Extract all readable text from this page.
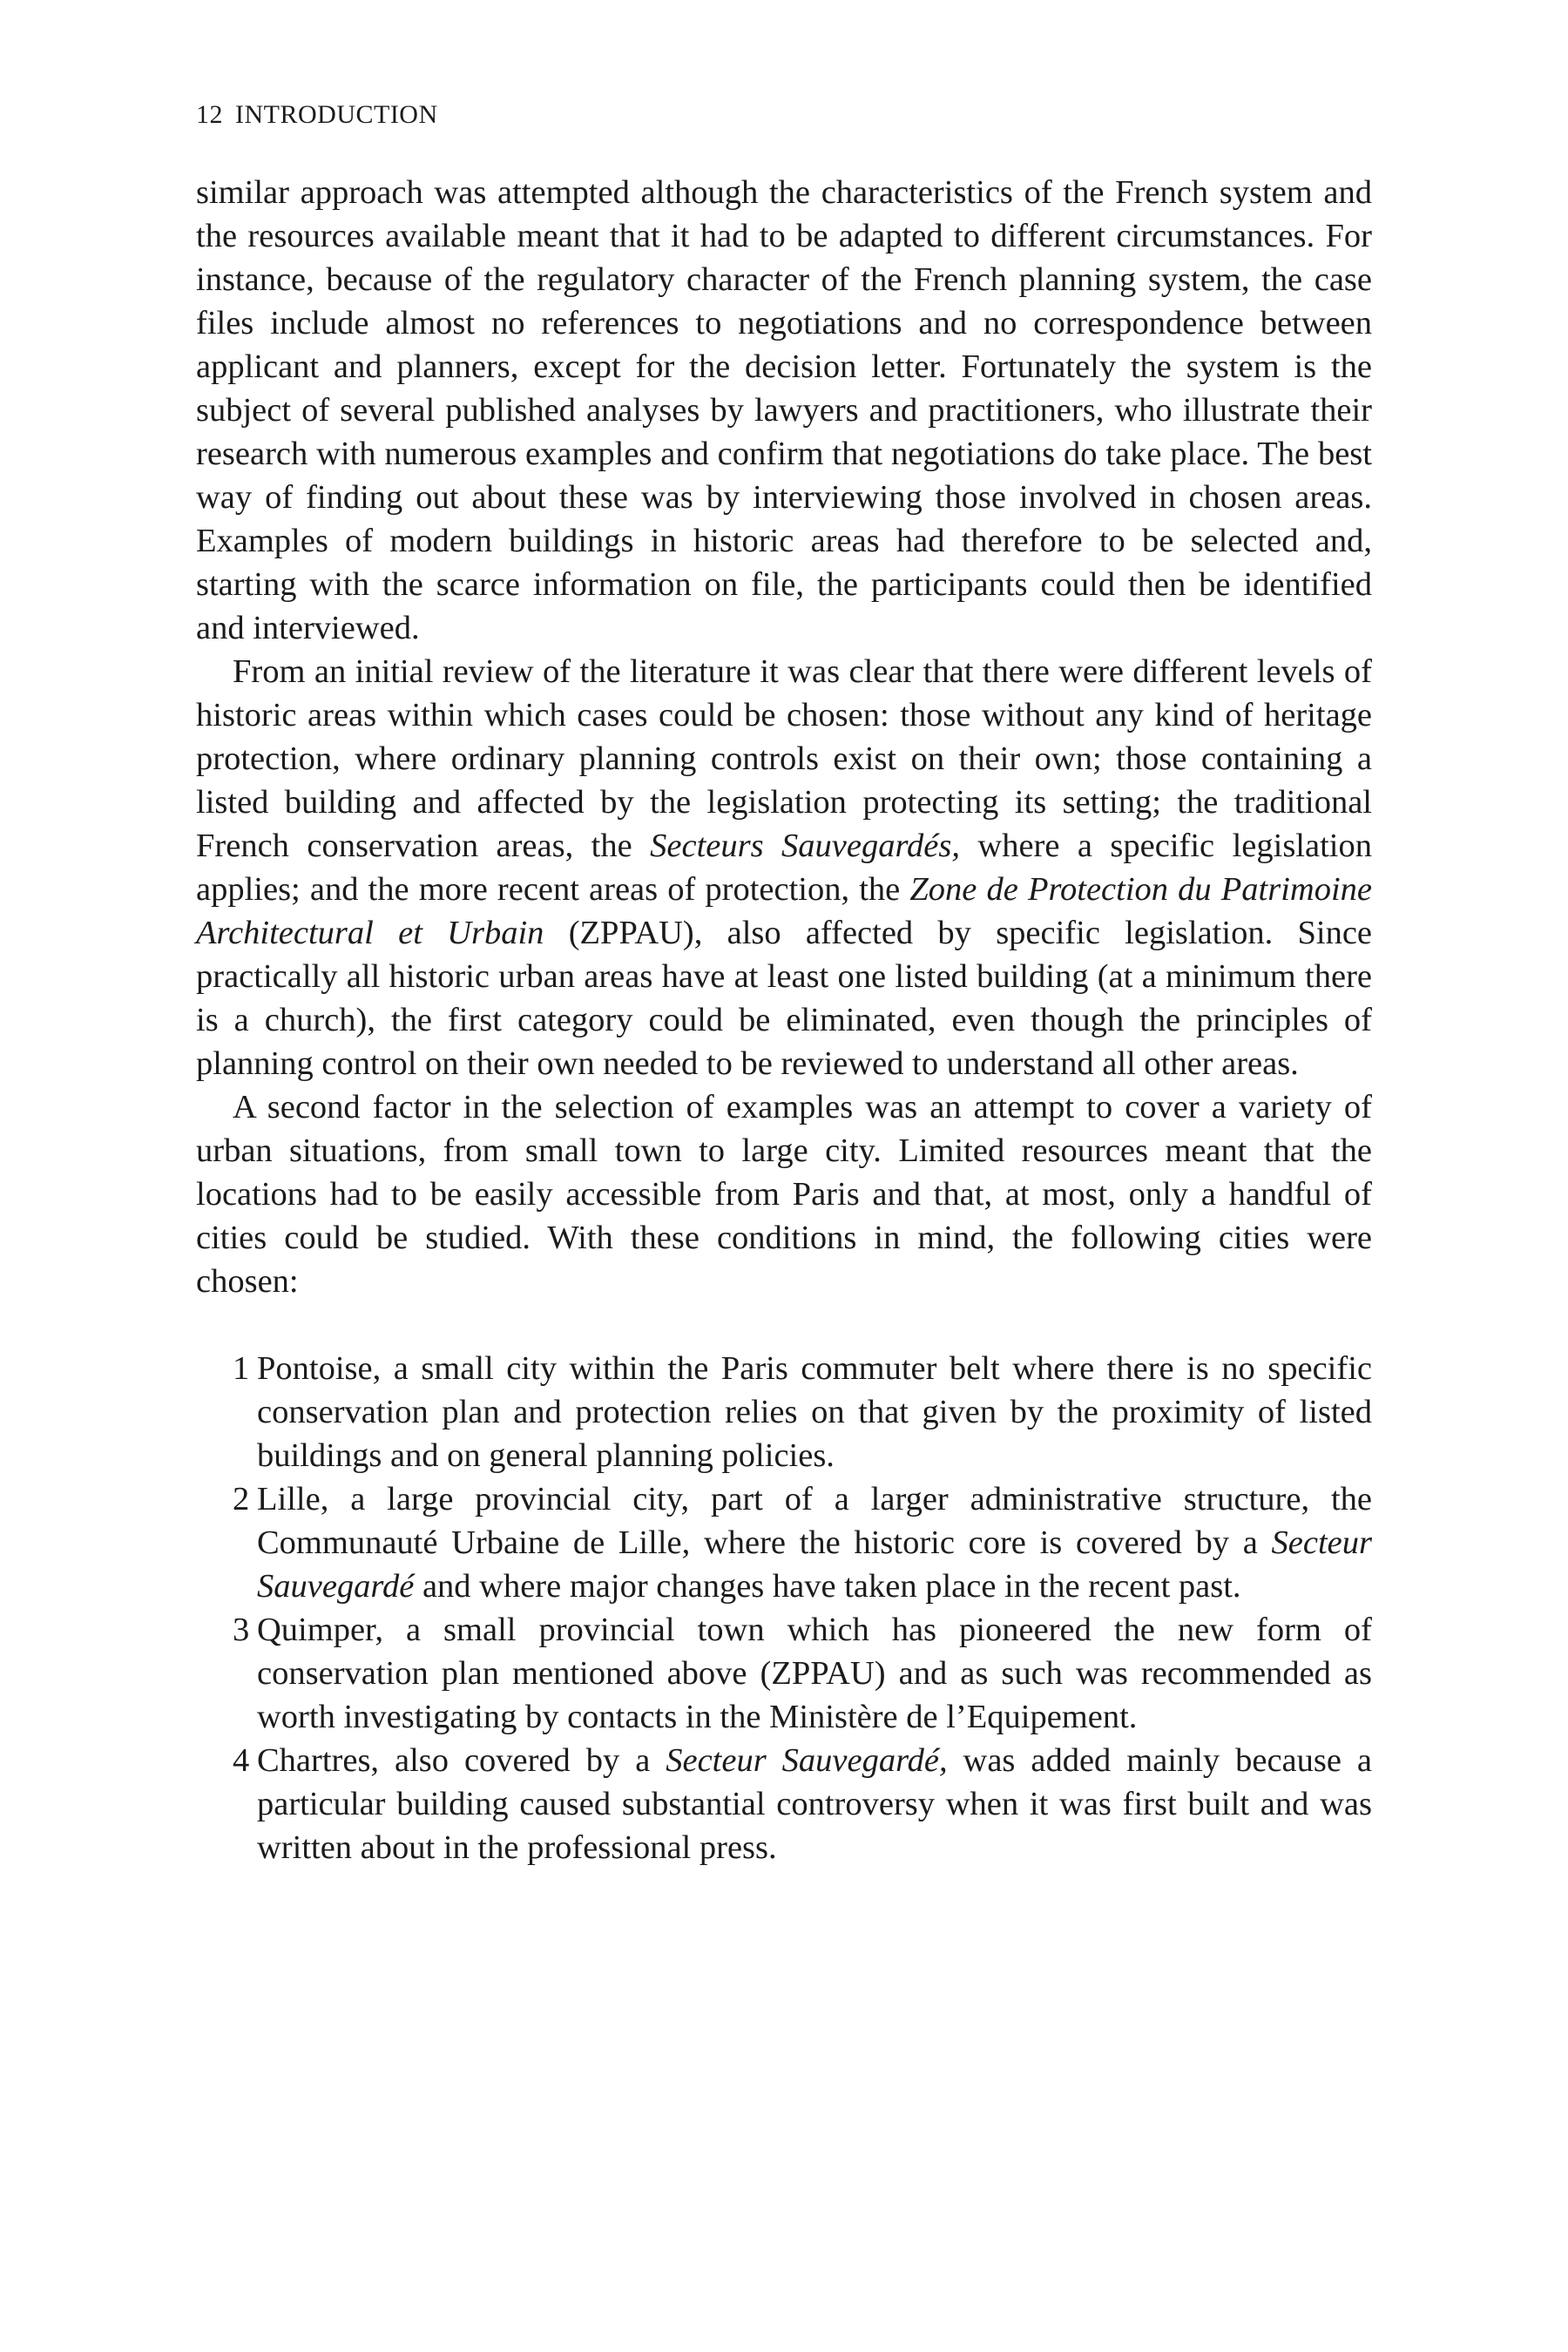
12 INTRODUCTION

similar approach was attempted although the characteristics of the French system and the resources available meant that it had to be adapted to different circumstances. For instance, because of the regulatory character of the French planning system, the case files include almost no references to negotiations and no correspondence between applicant and planners, except for the decision letter. Fortunately the system is the subject of several published analyses by lawyers and practitioners, who illustrate their research with numerous examples and confirm that negotiations do take place. The best way of finding out about these was by interviewing those involved in chosen areas. Examples of modern buildings in historic areas had therefore to be selected and, starting with the scarce information on file, the participants could then be identified and interviewed.

From an initial review of the literature it was clear that there were different levels of historic areas within which cases could be chosen: those without any kind of heritage protection, where ordinary planning controls exist on their own; those containing a listed building and affected by the legislation protecting its setting; the traditional French conservation areas, the Secteurs Sauvegardés, where a specific legislation applies; and the more recent areas of protection, the Zone de Protection du Patrimoine Architectural et Urbain (ZPPAU), also affected by specific legislation. Since practically all historic urban areas have at least one listed building (at a minimum there is a church), the first category could be eliminated, even though the principles of planning control on their own needed to be reviewed to understand all other areas.

A second factor in the selection of examples was an attempt to cover a variety of urban situations, from small town to large city. Limited resources meant that the locations had to be easily accessible from Paris and that, at most, only a handful of cities could be studied. With these conditions in mind, the following cities were chosen:

1 Pontoise, a small city within the Paris commuter belt where there is no specific conservation plan and protection relies on that given by the proximity of listed buildings and on general planning policies.
2 Lille, a large provincial city, part of a larger administrative structure, the Communauté Urbaine de Lille, where the historic core is covered by a Secteur Sauvegardé and where major changes have taken place in the recent past.
3 Quimper, a small provincial town which has pioneered the new form of conservation plan mentioned above (ZPPAU) and as such was recommended as worth investigating by contacts in the Ministère de l’Equipement.
4 Chartres, also covered by a Secteur Sauvegardé, was added mainly because a particular building caused substantial controversy when it was first built and was written about in the professional press.
